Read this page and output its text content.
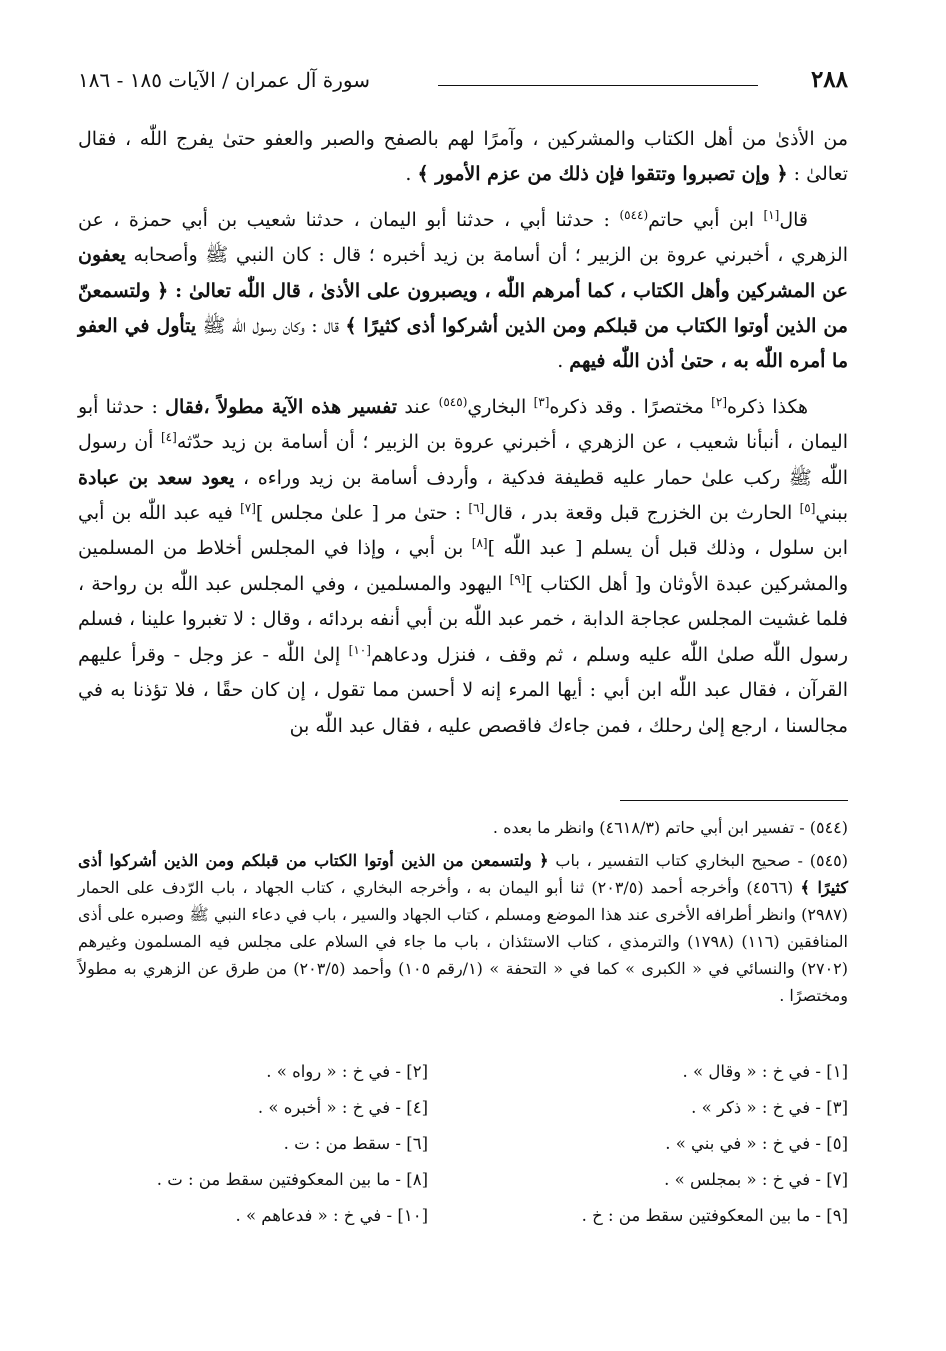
٢٨٨
سورة آل عمران / الآيات ١٨٥ - ١٨٦

من الأذىٰ من أهل الكتاب والمشركين ، وآمرًا لهم بالصفح والصبر والعفو حتىٰ يفرج اللّٰه ، فقال تعالىٰ : ﴿ وإن تصبروا وتتقوا فإن ذلك من عزم الأمور ﴾ .

قال[١] ابن أبي حاتم$^{(٥٤٤)}$ : حدثنا أبي ، حدثنا أبو اليمان ، حدثنا شعيب بن أبي حمزة ، عن الزهري ، أخبرني عروة بن الزبير ؛ أن أسامة بن زيد أخبره ؛ قال : كان النبي ﷺ وأصحابه يعفون عن المشركين وأهل الكتاب ، كما أمرهم اللّٰه ، ويصبرون على الأذىٰ ، قال اللّٰه تعالىٰ : ﴿ ولتسمعنّ من الذين أوتوا الكتاب من قبلكم ومن الذين أشركوا أذى كثيرًا ﴾ قال : وكان رسول اللّٰه ﷺ يتأول في العفو ما أمره اللّٰه به ، حتىٰ أذن اللّٰه فيهم .

هكذا ذكره[٢] مختصرًا . وقد ذكره[٣] البخاري$^{(٥٤٥)}$ عند تفسير هذه الآية مطولاً ،فقال : حدثنا أبو اليمان ، أنبأنا شعيب ، عن الزهري ، أخبرني عروة بن الزبير ؛ أن أسامة بن زيد حدّثه[٤] أن رسول اللّٰه ﷺ ركب علىٰ حمار عليه قطيفة فدكية ، وأردف أسامة بن زيد وراءه ، يعود سعد بن عبادة ببني[٥] الحارث بن الخزرج قبل وقعة بدر ، قال[٦] : حتىٰ مر [ علىٰ مجلس ][٧] فيه عبد اللّٰه بن أبي ابن سلول ، وذلك قبل أن يسلم [ عبد اللّٰه ][٨] بن أبي ، وإذا في المجلس أخلاط من المسلمين والمشركين عبدة الأوثان و[ أهل الكتاب ][٩] اليهود والمسلمين ، وفي المجلس عبد اللّٰه بن رواحة ، فلما غشيت المجلس عجاجة الدابة ، خمر عبد اللّٰه بن أبي أنفه بردائه ، وقال : لا تغبروا علينا ، فسلم رسول اللّٰه صلىٰ اللّٰه عليه وسلم ، ثم وقف ، فنزل ودعاهم[١٠] إلىٰ اللّٰه - عز وجل - وقرأ عليهم القرآن ، فقال عبد اللّٰه ابن أبي : أيها المرء إنه لا أحسن مما تقول ، إن كان حقًا ، فلا تؤذنا به في مجالسنا ، ارجع إلىٰ رحلك ، فمن جاءك فاقصص عليه ، فقال عبد اللّٰه بن

(٥٤٤) - تفسير ابن أبي حاتم (٤٦١٨/٣) وانظر ما بعده .

(٥٤٥) - صحيح البخاري كتاب التفسير ، باب ﴿ ولتسمعن من الذين أوتوا الكتاب من قبلكم ومن الذين أشركوا أذى كثيرًا ﴾ (٤٥٦٦) وأخرجه أحمد (٢٠٣/٥) ثنا أبو اليمان به ، وأخرجه البخاري ، كتاب الجهاد ، باب الرّدف على الحمار (٢٩٨٧) وانظر أطرافه الأخرى عند هذا الموضع ومسلم ، كتاب الجهاد والسير ، باب في دعاء النبي ﷺ وصبره على أذى المنافقين (١١٦) (١٧٩٨) والترمذي ، كتاب الاستئذان ، باب ما جاء في السلام على مجلس فيه المسلمون وغيرهم (٢٧٠٢) والنسائي في « الكبرى » كما في « التحفة » (١/رقم ١٠٥) وأحمد (٢٠٣/٥) من طرق عن الزهري به مطولاً ومختصرًا .

[١] - في خ : « وقال » .
[٢] - في خ : « رواه » .
[٣] - في خ : « ذكر » .
[٤] - في خ : « أخبره » .
[٥] - في خ : « في بني » .
[٦] - سقط من : ت .
[٧] - في خ : « بمجلس » .
[٨] - ما بين المعكوفتين سقط من : ت .
[٩] - ما بين المعكوفتين سقط من : خ .
[١٠] - في خ : « فدعاهم » .
